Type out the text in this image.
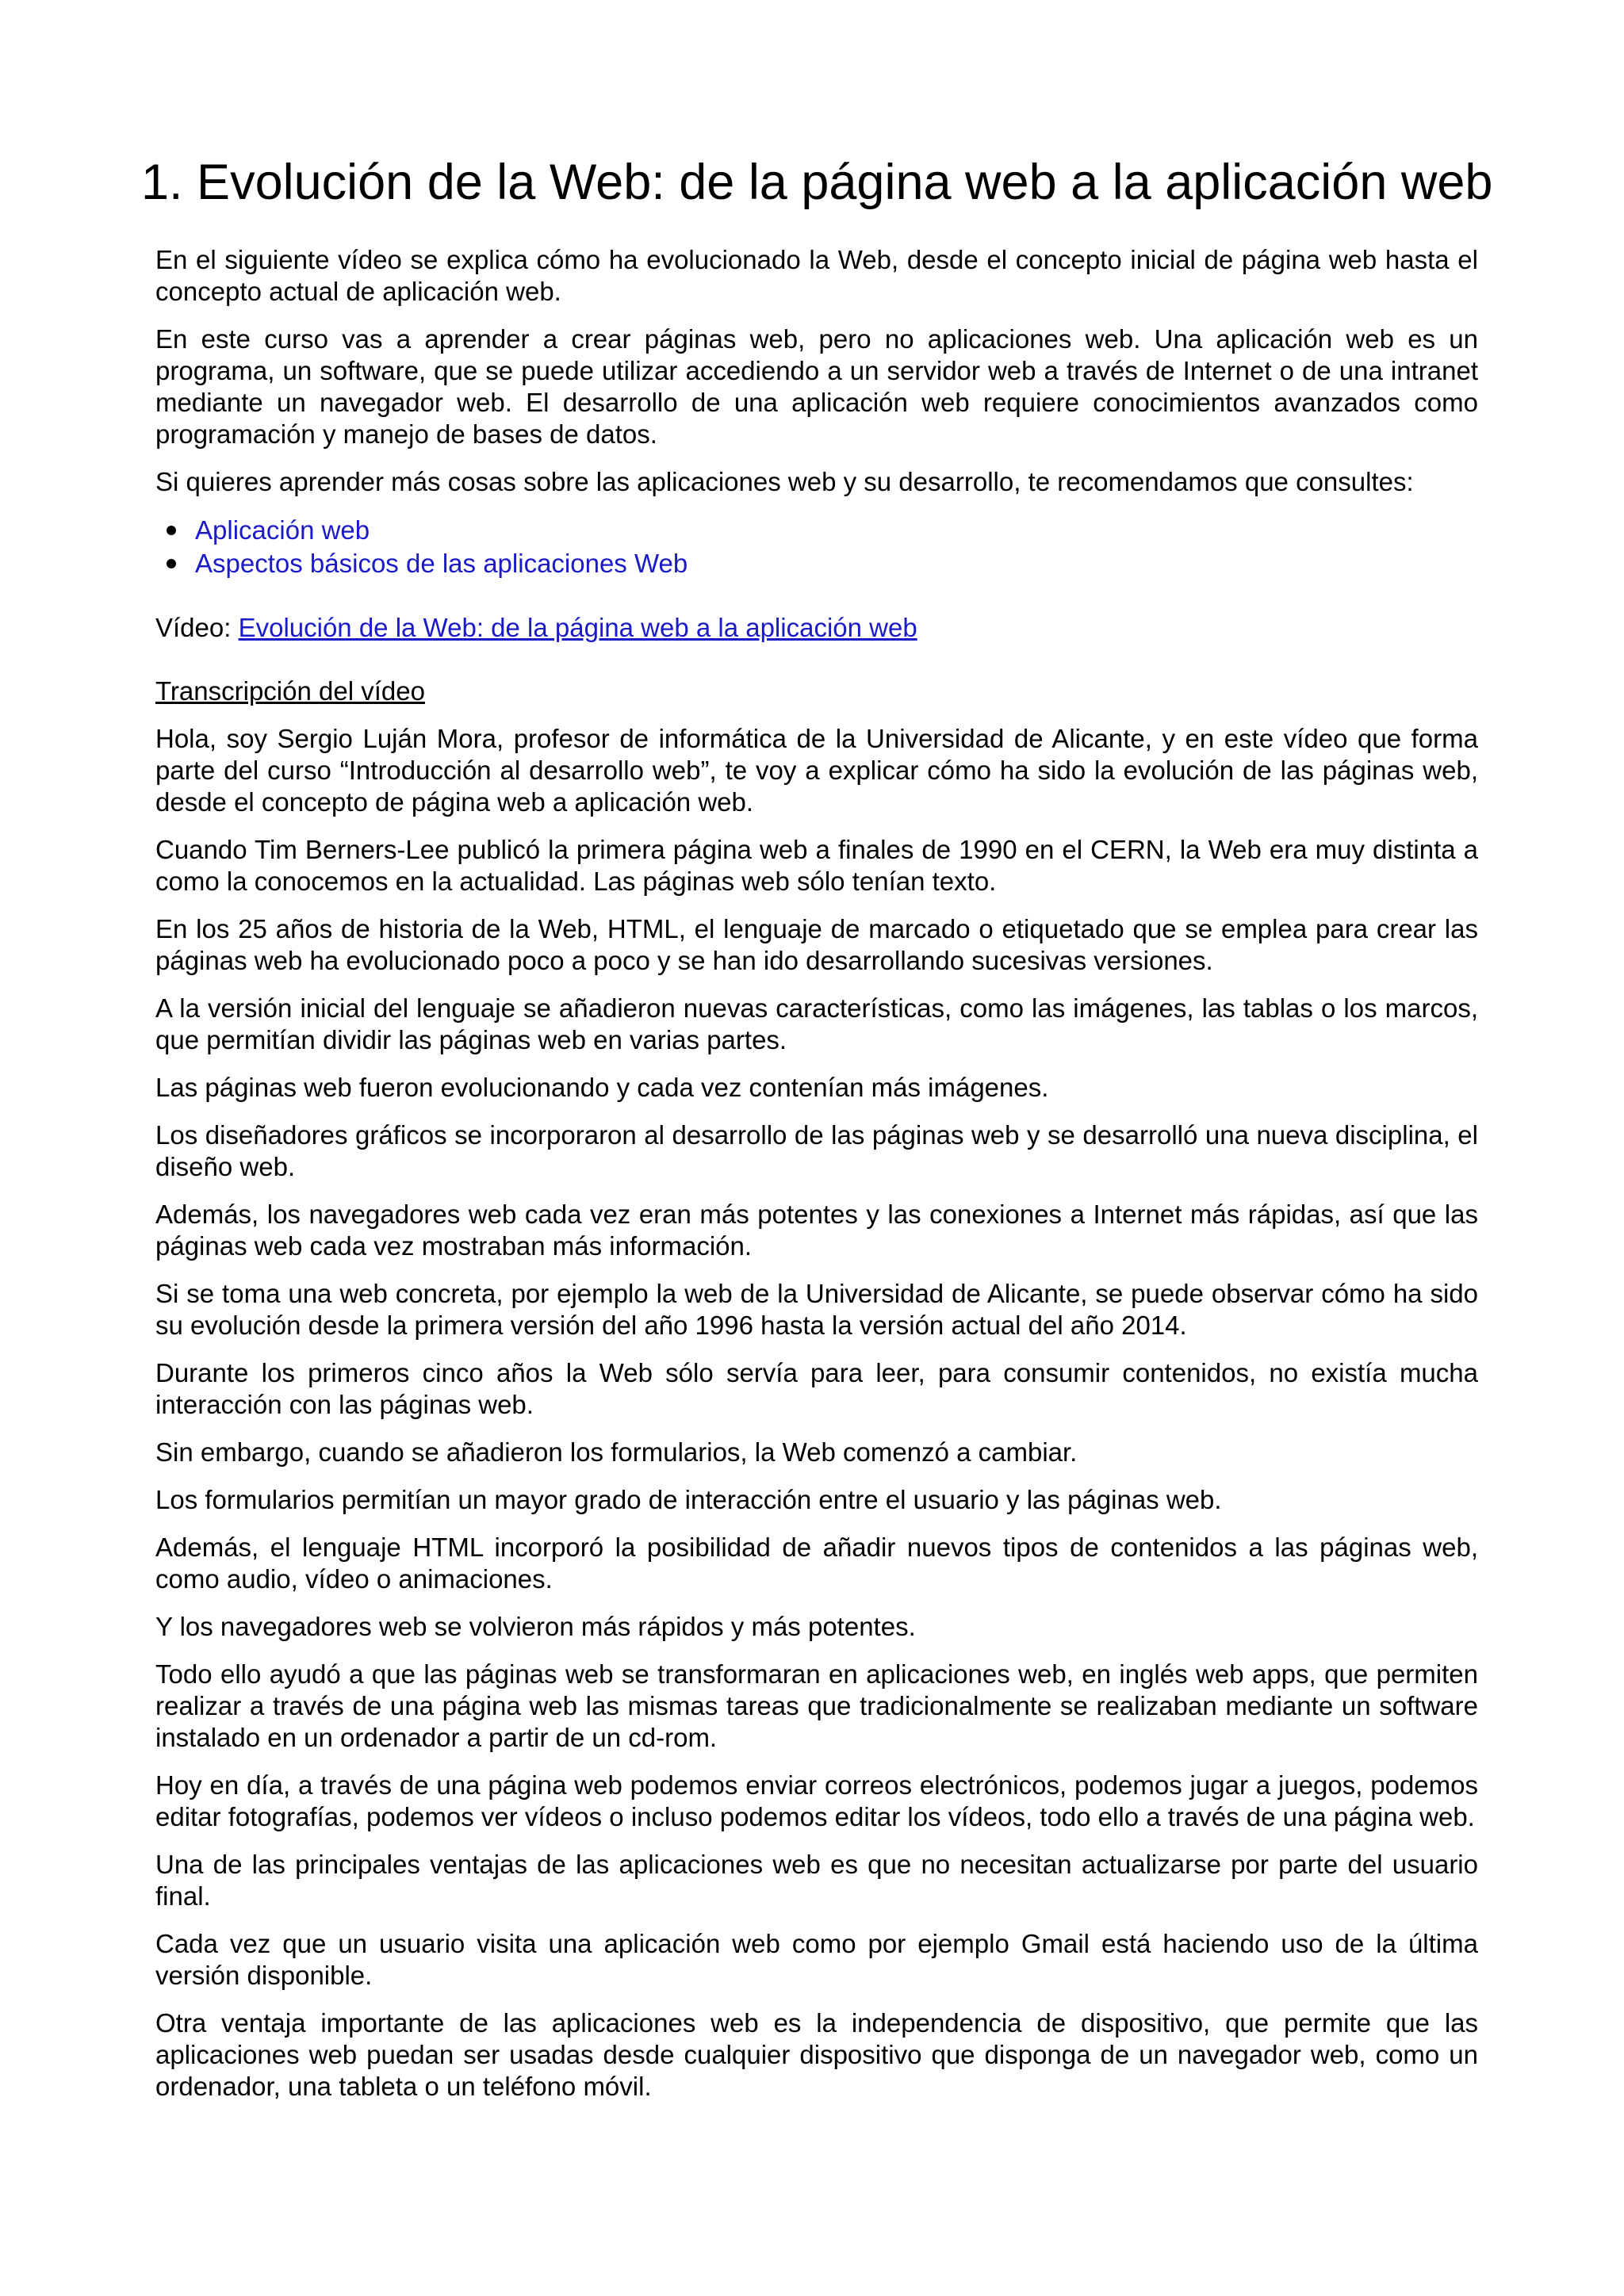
1. Evolución de la Web: de la página web a la aplicación web

En el siguiente vídeo se explica cómo ha evolucionado la Web, desde el concepto inicial de página web hasta el concepto actual de aplicación web.

En este curso vas a aprender a crear páginas web, pero no aplicaciones web. Una aplicación web es un programa, un software, que se puede utilizar accediendo a un servidor web a través de Internet o de una intranet mediante un navegador web. El desarrollo de una aplicación web requiere conocimientos avanzados como programación y manejo de bases de datos.

Si quieres aprender más cosas sobre las aplicaciones web y su desarrollo, te recomendamos que consultes:

Aplicación web
Aspectos básicos de las aplicaciones Web

Vídeo: Evolución de la Web: de la página web a la aplicación web

Transcripción del vídeo

Hola, soy Sergio Luján Mora, profesor de informática de la Universidad de Alicante, y en este vídeo que forma parte del curso “Introducción al desarrollo web”, te voy a explicar cómo ha sido la evolución de las páginas web, desde el concepto de página web a aplicación web.

Cuando Tim Berners-Lee publicó la primera página web a finales de 1990 en el CERN, la Web era muy distinta a como la conocemos en la actualidad. Las páginas web sólo tenían texto.

En los 25 años de historia de la Web, HTML, el lenguaje de marcado o etiquetado que se emplea para crear las páginas web ha evolucionado poco a poco y se han ido desarrollando sucesivas versiones.

A la versión inicial del lenguaje se añadieron nuevas características, como las imágenes, las tablas o los marcos, que permitían dividir las páginas web en varias partes.

Las páginas web fueron evolucionando y cada vez contenían más imágenes.

Los diseñadores gráficos se incorporaron al desarrollo de las páginas web y se desarrolló una nueva disciplina, el diseño web.

Además, los navegadores web cada vez eran más potentes y las conexiones a Internet más rápidas, así que las páginas web cada vez mostraban más información.

Si se toma una web concreta, por ejemplo la web de la Universidad de Alicante, se puede observar cómo ha sido su evolución desde la primera versión del año 1996 hasta la versión actual del año 2014.

Durante los primeros cinco años la Web sólo servía para leer, para consumir contenidos, no existía mucha interacción con las páginas web.

Sin embargo, cuando se añadieron los formularios, la Web comenzó a cambiar.

Los formularios permitían un mayor grado de interacción entre el usuario y las páginas web.

Además, el lenguaje HTML incorporó la posibilidad de añadir nuevos tipos de contenidos a las páginas web, como audio, vídeo o animaciones.

Y los navegadores web se volvieron más rápidos y más potentes.

Todo ello ayudó a que las páginas web se transformaran en aplicaciones web, en inglés web apps, que permiten realizar a través de una página web las mismas tareas que tradicionalmente se realizaban mediante un software instalado en un ordenador a partir de un cd-rom.

Hoy en día, a través de una página web podemos enviar correos electrónicos, podemos jugar a juegos, podemos editar fotografías, podemos ver vídeos o incluso podemos editar los vídeos, todo ello a través de una página web.

Una de las principales ventajas de las aplicaciones web es que no necesitan actualizarse por parte del usuario final.

Cada vez que un usuario visita una aplicación web como por ejemplo Gmail está haciendo uso de la última versión disponible.

Otra ventaja importante de las aplicaciones web es la independencia de dispositivo, que permite que las aplicaciones web puedan ser usadas desde cualquier dispositivo que disponga de un navegador web, como un ordenador, una tableta o un teléfono móvil.
